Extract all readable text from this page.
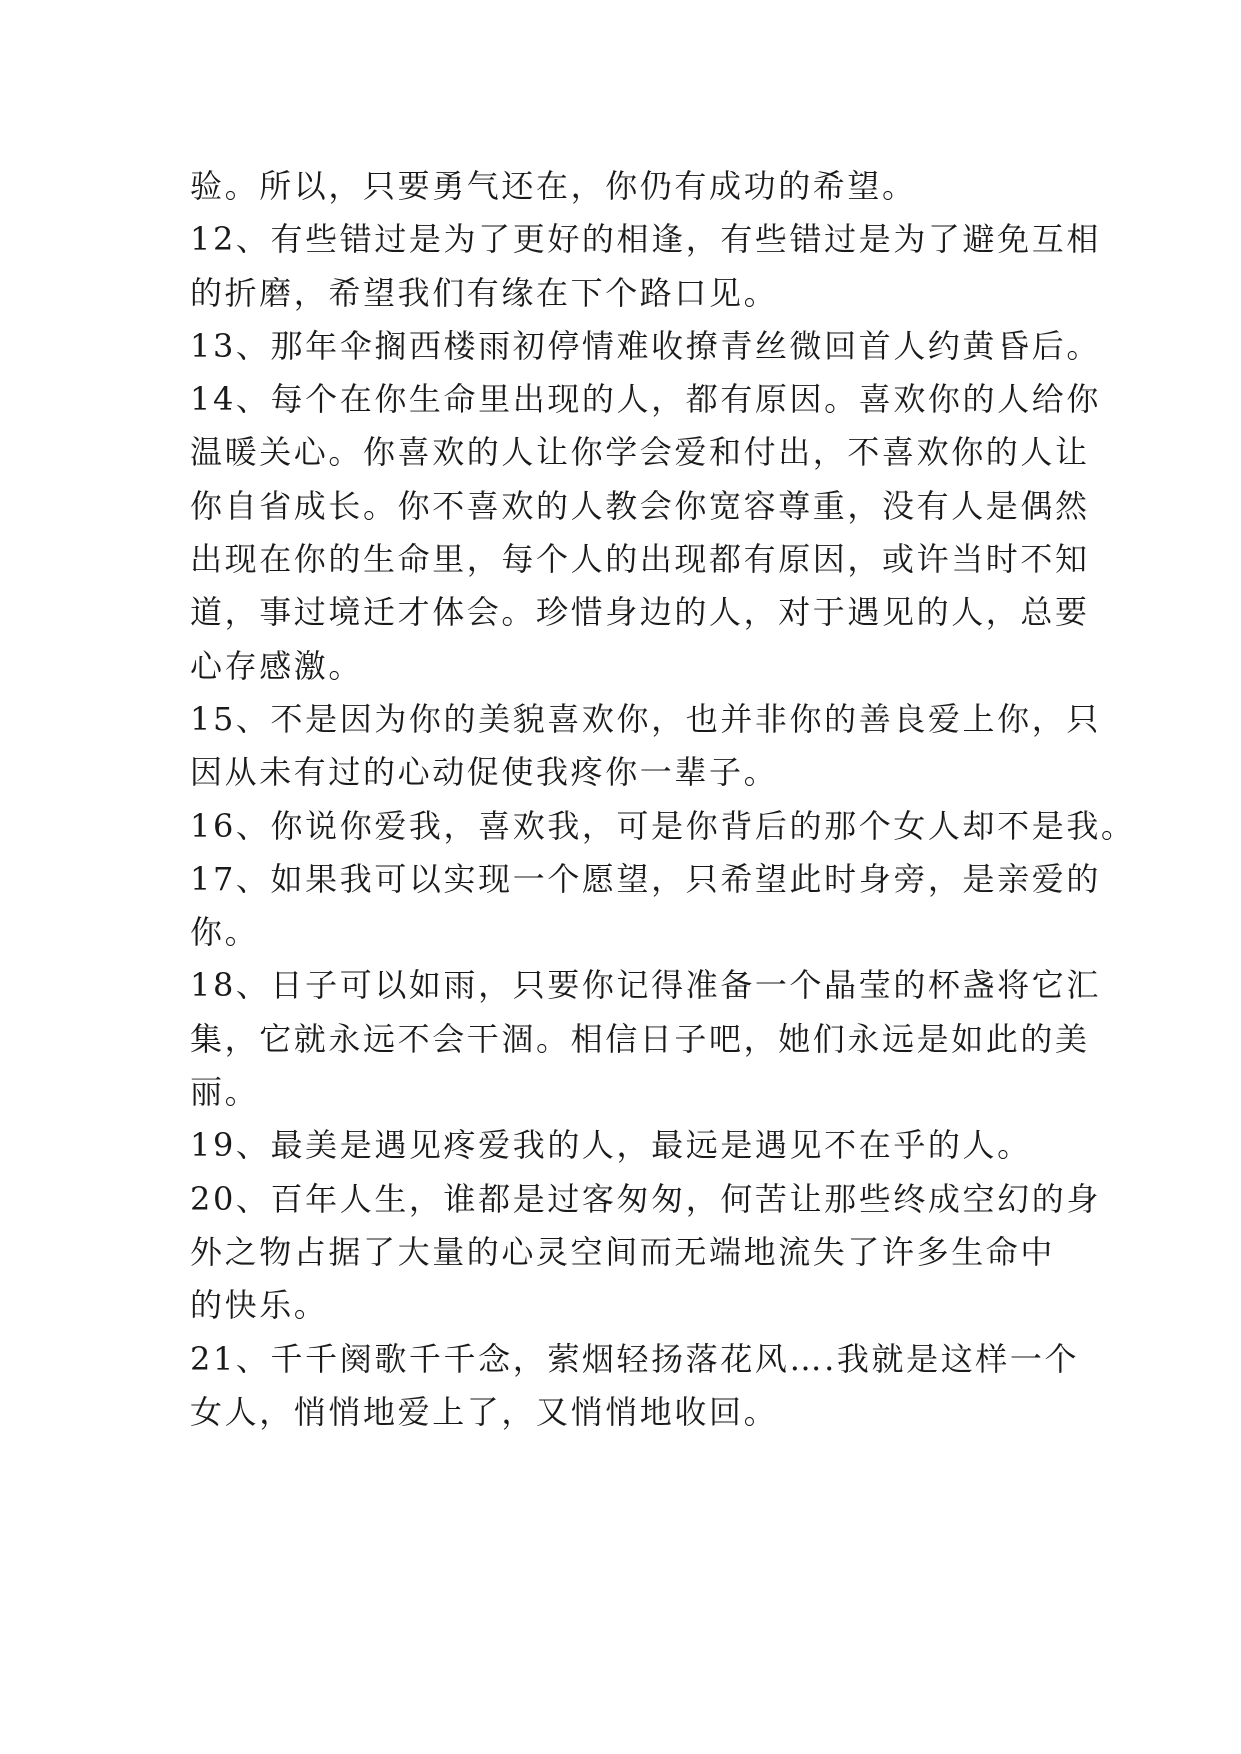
验。所以，只要勇气还在，你仍有成功的希望。
12、有些错过是为了更好的相逢，有些错过是为了避免互相
的折磨，希望我们有缘在下个路口见。
13、那年伞搁西楼雨初停情难收撩青丝微回首人约黄昏后。
14、每个在你生命里出现的人，都有原因。喜欢你的人给你
温暖关心。你喜欢的人让你学会爱和付出，不喜欢你的人让
你自省成长。你不喜欢的人教会你宽容尊重，没有人是偶然
出现在你的生命里，每个人的出现都有原因，或许当时不知
道，事过境迁才体会。珍惜身边的人，对于遇见的人，总要
心存感激。
15、不是因为你的美貌喜欢你，也并非你的善良爱上你，只
因从未有过的心动促使我疼你一辈子。
16、你说你爱我，喜欢我，可是你背后的那个女人却不是我。
17、如果我可以实现一个愿望，只希望此时身旁，是亲爱的
你。
18、日子可以如雨，只要你记得准备一个晶莹的杯盏将它汇
集，它就永远不会干涸。相信日子吧，她们永远是如此的美
丽。
19、最美是遇见疼爱我的人，最远是遇见不在乎的人。
20、百年人生，谁都是过客匆匆，何苦让那些终成空幻的身
外之物占据了大量的心灵空间而无端地流失了许多生命中
的快乐。
21、千千阕歌千千念，萦烟轻扬落花风….我就是这样一个
女人，悄悄地爱上了，又悄悄地收回。
